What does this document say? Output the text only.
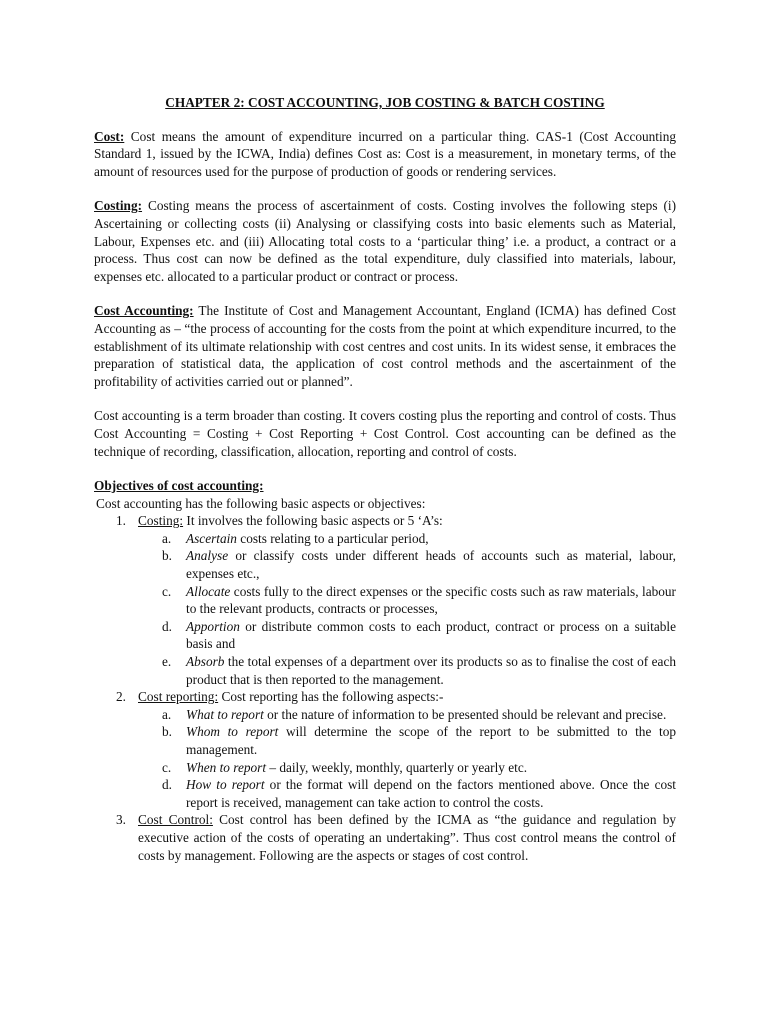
CHAPTER 2: COST ACCOUNTING, JOB COSTING & BATCH COSTING

Cost: Cost means the amount of expenditure incurred on a particular thing. CAS-1 (Cost Accounting Standard 1, issued by the ICWA, India) defines Cost as: Cost is a measurement, in monetary terms, of the amount of resources used for the purpose of production of goods or rendering services.

Costing: Costing means the process of ascertainment of costs. Costing involves the following steps (i) Ascertaining or collecting costs (ii) Analysing or classifying costs into basic elements such as Material, Labour, Expenses etc. and (iii) Allocating total costs to a ‘particular thing’ i.e. a product, a contract or a process. Thus cost can now be defined as the total expenditure, duly classified into materials, labour, expenses etc. allocated to a particular product or contract or process.

Cost Accounting: The Institute of Cost and Management Accountant, England (ICMA) has defined Cost Accounting as – “the process of accounting for the costs from the point at which expenditure incurred, to the establishment of its ultimate relationship with cost centres and cost units. In its widest sense, it embraces the preparation of statistical data, the application of cost control methods and the ascertainment of the profitability of activities carried out or planned”.

Cost accounting is a term broader than costing. It covers costing plus the reporting and control of costs. Thus Cost Accounting = Costing + Cost Reporting + Cost Control. Cost accounting can be defined as the technique of recording, classification, allocation, reporting and control of costs.

Objectives of cost accounting:
Cost accounting has the following basic aspects or objectives:
1. Costing: It involves the following basic aspects or 5 ‘A’s:
a. Ascertain costs relating to a particular period,
b. Analyse or classify costs under different heads of accounts such as material, labour, expenses etc.,
c. Allocate costs fully to the direct expenses or the specific costs such as raw materials, labour to the relevant products, contracts or processes,
d. Apportion or distribute common costs to each product, contract or process on a suitable basis and
e. Absorb the total expenses of a department over its products so as to finalise the cost of each product that is then reported to the management.
2. Cost reporting: Cost reporting has the following aspects:-
a. What to report or the nature of information to be presented should be relevant and precise.
b. Whom to report will determine the scope of the report to be submitted to the top management.
c. When to report – daily, weekly, monthly, quarterly or yearly etc.
d. How to report or the format will depend on the factors mentioned above. Once the cost report is received, management can take action to control the costs.
3. Cost Control: Cost control has been defined by the ICMA as “the guidance and regulation by executive action of the costs of operating an undertaking”. Thus cost control means the control of costs by management. Following are the aspects or stages of cost control.
